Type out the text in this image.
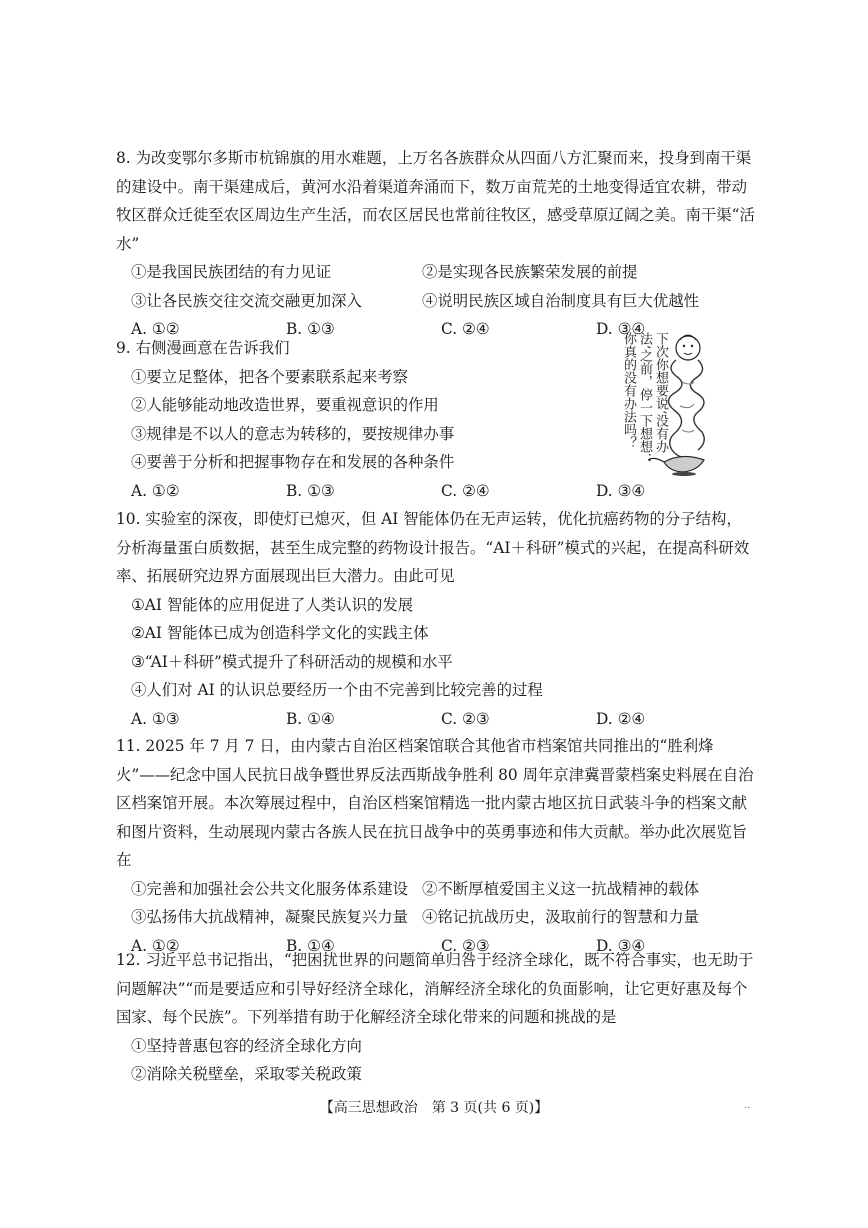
8. 为改变鄂尔多斯市杭锦旗的用水难题，上万名各族群众从四面八方汇聚而来，投身到南干渠的建设中。南干渠建成后，黄河水沿着渠道奔涌而下，数万亩荒芜的土地变得适宜农耕，带动牧区群众迁徙至农区周边生产生活，而农区居民也常前往牧区，感受草原辽阔之美。南干渠“活水”

①是我国民族团结的有力见证	②是实现各民族繁荣发展的前提
③让各民族交往交流交融更加深入	④说明民族区域自治制度具有巨大优越性
A. ①②	B. ①③	C. ②④	D. ③④

9. 右侧漫画意在告诉我们

①要立足整体，把各个要素联系起来考察
②人能够能动地改造世界，要重视意识的作用
③规律是不以人的意志为转移的，要按规律办事
④要善于分析和把握事物存在和发展的各种条件
A. ①②	B. ①③	C. ②④	D. ③④
下次你想要说‘没有办
法’之前，停一下想想：
你真的没有办法吗？

10. 实验室的深夜，即使灯已熄灭，但 AI 智能体仍在无声运转，优化抗癌药物的分子结构，分析海量蛋白质数据，甚至生成完整的药物设计报告。“AI＋科研”模式的兴起，在提高科研效率、拓展研究边界方面展现出巨大潜力。由此可见

①AI 智能体的应用促进了人类认识的发展
②AI 智能体已成为创造科学文化的实践主体
③“AI＋科研”模式提升了科研活动的规模和水平
④人们对 AI 的认识总要经历一个由不完善到比较完善的过程
A. ①③	B. ①④	C. ②③	D. ②④

11. 2025 年 7 月 7 日，由内蒙古自治区档案馆联合其他省市档案馆共同推出的“胜利烽火”——纪念中国人民抗日战争暨世界反法西斯战争胜利 80 周年京津冀晋蒙档案史料展在自治区档案馆开展。本次筹展过程中，自治区档案馆精选一批内蒙古地区抗日武装斗争的档案文献和图片资料，生动展现内蒙古各族人民在抗日战争中的英勇事迹和伟大贡献。举办此次展览旨在

①完善和加强社会公共文化服务体系建设 ②不断厚植爱国主义这一抗战精神的载体
③弘扬伟大抗战精神，凝聚民族复兴力量 ④铭记抗战历史，汲取前行的智慧和力量
A. ①②	B. ①④	C. ②③	D. ③④

12. 习近平总书记指出，“把困扰世界的问题简单归咎于经济全球化，既不符合事实，也无助于问题解决”“而是要适应和引导好经济全球化，消解经济全球化的负面影响，让它更好惠及每个国家、每个民族”。下列举措有助于化解经济全球化带来的问题和挑战的是

①坚持普惠包容的经济全球化方向
②消除关税壁垒，采取零关税政策
【高三思想政治　第 3 页(共 6 页)】	..
